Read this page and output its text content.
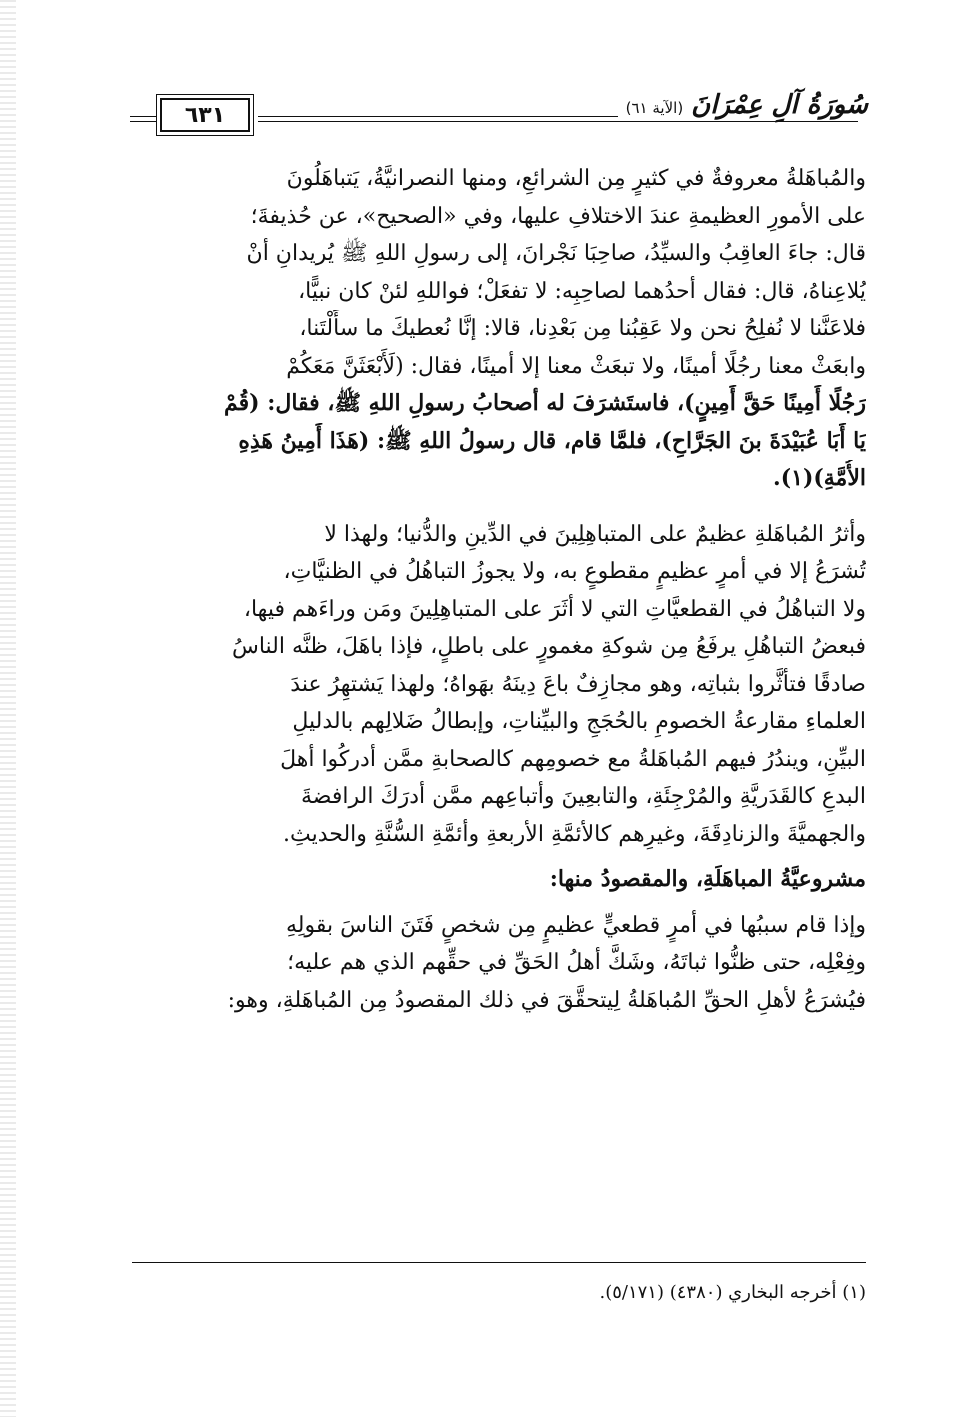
٦٣١	سُورَةُ آلِ عِمْرَانَ
(الآية ٦١)
والمُباهَلةُ معروفةٌ في كثيرٍ مِن الشرائعِ، ومنها النصرانيَّةُ، يَتباهَلُونَ
على الأمورِ العظيمةِ عندَ الاختلافِ عليها، وفي «الصحيح»، عن حُذيفةَ؛
قال: جاءَ العاقِبُ والسيِّدُ، صاحِبَا نَجْرانَ، إلى رسولِ اللهِ ﷺ يُريدانِ أنْ
يُلاعِناهُ، قال: فقال أحدُهما لصاحِبِه: لا تفعَلْ؛ فواللهِ لئنْ كان نبيًّا،
فلاعَنَّنا لا نُفلِحُ نحن ولا عَقِبُنا مِن بَعْدِنا، قالا: إنَّا نُعطيكَ ما سأَلْتَنا،
وابعَثْ معنا رجُلًا أمينًا، ولا تبعَثْ معنا إلا أمينًا، فقال: (لَأَبْعَثَنَّ مَعَكُمْ
رَجُلًا أَمِينًا حَقَّ أَمِينٍ)، فاستَشرَفَ له أصحابُ رسولِ اللهِ ﷺ، فقال: (قُمْ
يَا أَبَا عُبَيْدَةَ بنَ الجَرَّاحِ)، فلمَّا قام، قال رسولُ اللهِ ﷺ: (هَذَا أَمِينُ هَذِهِ
الأُمَّةِ)(١).
وأثرُ المُباهَلةِ عظيمٌ على المتباهِلِينَ في الدِّينِ والدُّنيا؛ ولهذا لا
تُشرَعُ إلا في أمرٍ عظيمٍ مقطوعٍ به، ولا يجوزُ التباهُلُ في الظنيَّاتِ،
ولا التباهُلُ في القطعيَّاتِ التي لا أثَرَ على المتباهِلِينَ ومَن وراءَهم فيها،
فبعضُ التباهُلِ يرفَعُ مِن شوكةِ مغمورٍ على باطلٍ، فإذا باهَلَ، ظنَّه الناسُ
صادقًا فتأثَّروا بثباتِه، وهو مجازِفٌ باعَ دِينَهُ بهَواهُ؛ ولهذا يَشتهِرُ عندَ
العلماءِ مقارعةُ الخصومِ بالحُجَجِ والبيِّناتِ، وإبطالُ ضَلالِهم بالدليلِ
البيِّنِ، ويندُرُ فيهم المُباهَلةُ مع خصومِهم كالصحابةِ ممَّن أدركُوا أهلَ
البدعِ كالقَدَريَّةِ والمُرْجِئَةِ، والتابعِينَ وأتباعِهم ممَّن أدرَكَ الرافضةَ
والجهميَّةَ والزنادِقَةَ، وغيرِهم كالأئمَّةِ الأربعةِ وأئمَّةِ السُّنَّةِ والحديثِ.
مشروعيَّةُ المباهَلَةِ، والمقصودُ منها:
وإذا قام سببُها في أمرٍ قطعيٍّ عظيمٍ مِن شخصٍ فَتَنَ الناسَ بقولِهِ
وفِعْلِه، حتى ظنُّوا ثباتَهُ، وشَكَّ أهلُ الحَقِّ في حقِّهم الذي هم عليه؛
فيُشرَعُ لأهلِ الحقِّ المُباهَلةُ لِيتحقَّقَ في ذلك المقصودُ مِن المُباهَلةِ، وهو:
(١) أخرجه البخاري (٤٣٨٠) (٥/١٧١).
